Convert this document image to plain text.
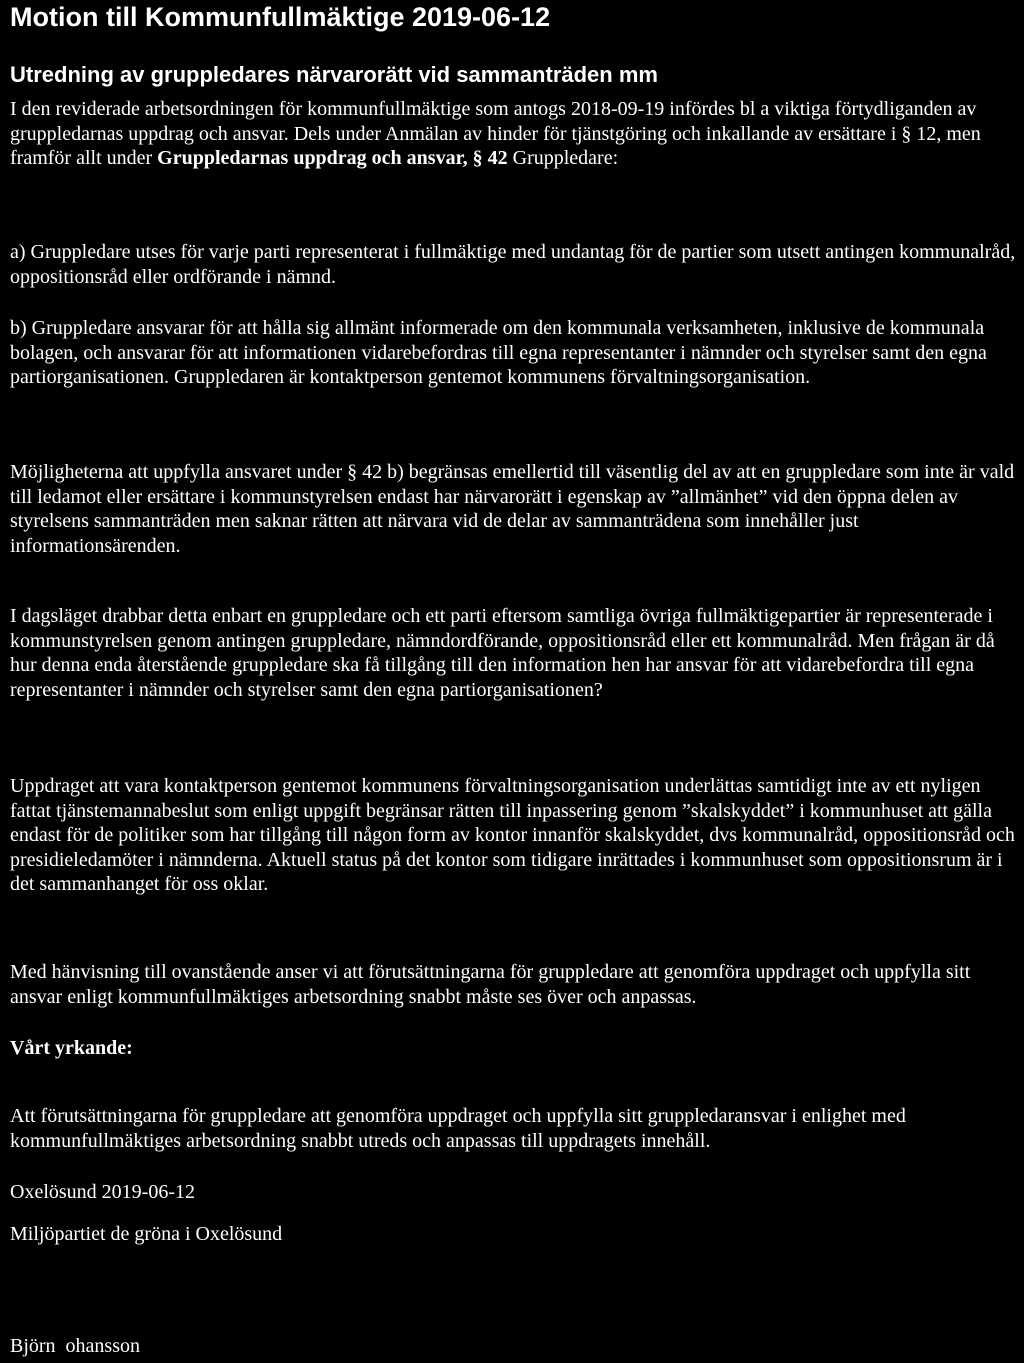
Motion till Kommunfullmäktige 2019-06-12
Utredning av gruppledares närvarorätt vid sammanträden mm

I den reviderade arbetsordningen för kommunfullmäktige som antogs 2018-09-19 infördes bl a viktiga förtydliganden av gruppledarnas uppdrag och ansvar. Dels under Anmälan av hinder för tjänstgöring och inkallande av ersättare i § 12, men framför allt under Gruppledarnas uppdrag och ansvar, § 42 Gruppledare:

a) Gruppledare utses för varje parti representerat i fullmäktige med undantag för de partier som utsett antingen kommunalråd, oppositionsråd eller ordförande i nämnd.

b) Gruppledare ansvarar för att hålla sig allmänt informerade om den kommunala verksamheten, inklusive de kommunala bolagen, och ansvarar för att informationen vidarebefordras till egna representanter i nämnder och styrelser samt den egna partiorganisationen. Gruppledaren är kontaktperson gentemot kommunens förvaltningsorganisation.

Möjligheterna att uppfylla ansvaret under § 42 b) begränsas emellertid till väsentlig del av att en gruppledare som inte är vald till ledamot eller ersättare i kommunstyrelsen endast har närvarorätt i egenskap av ”allmänhet” vid den öppna delen av styrelsens sammanträden men saknar rätten att närvara vid de delar av sammanträdena som innehåller just informationsärenden.

I dagsläget drabbar detta enbart en gruppledare och ett parti eftersom samtliga övriga fullmäktigepartier är representerade i kommunstyrelsen genom antingen gruppledare, nämndordförande, oppositionsråd eller ett kommunalråd. Men frågan är då hur denna enda återstående gruppledare ska få tillgång till den information hen har ansvar för att vidarebefordra till egna representanter i nämnder och styrelser samt den egna partiorganisationen?

Uppdraget att vara kontaktperson gentemot kommunens förvaltningsorganisation underlättas samtidigt inte av ett nyligen fattat tjänstemannabeslut som enligt uppgift begränsar rätten till inpassering genom ”skalskyddet” i kommunhuset att gälla endast för de politiker som har tillgång till någon form av kontor innanför skalskyddet, dvs kommunalråd, oppositionsråd och presidieledamöter i nämnderna. Aktuell status på det kontor som tidigare inrättades i kommunhuset som oppositionsrum är i det sammanhanget för oss oklar.

Med hänvisning till ovanstående anser vi att förutsättningarna för gruppledare att genomföra uppdraget och uppfylla sitt ansvar enligt kommunfullmäktiges arbetsordning snabbt måste ses över och anpassas.

Vårt yrkande:

Att förutsättningarna för gruppledare att genomföra uppdraget och uppfylla sitt gruppledaransvar i enlighet med kommunfullmäktiges arbetsordning snabbt utreds och anpassas till uppdragets innehåll.

Oxelösund 2019-06-12

Miljöpartiet de gröna i Oxelösund

Björn  ohansson
